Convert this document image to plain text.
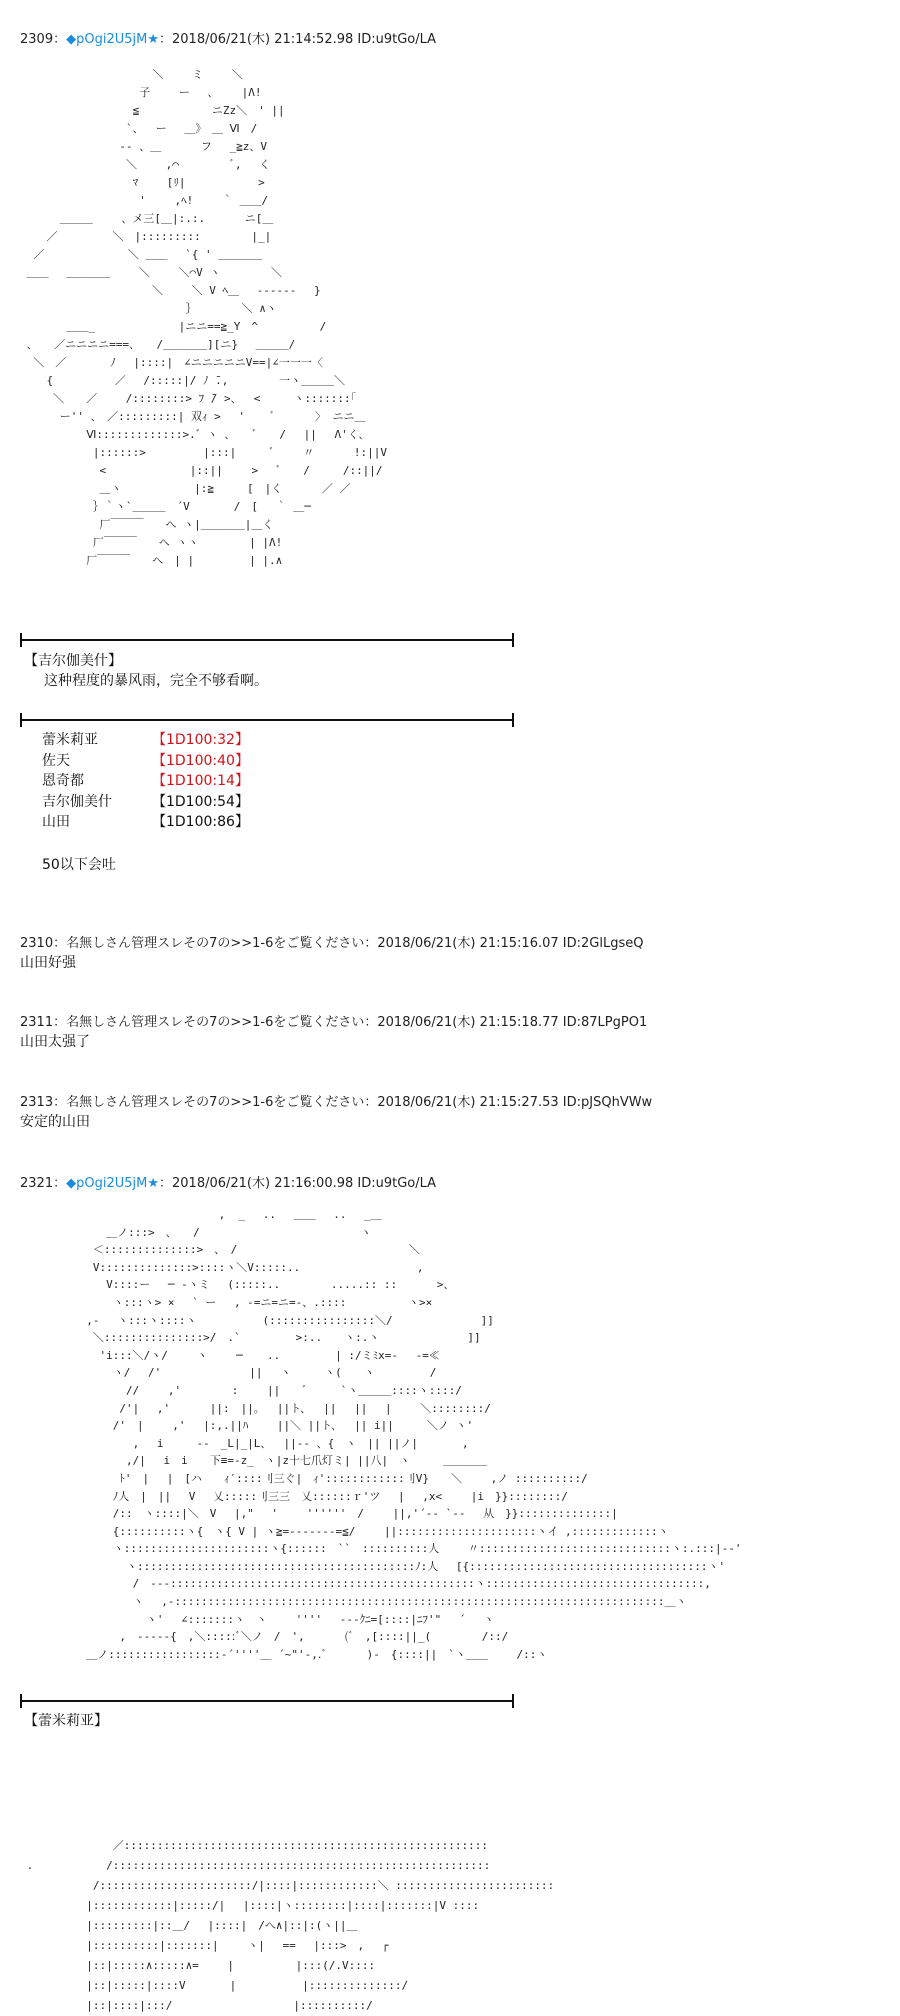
2309：◆pOgi2U5jM★：2018/06/21(木) 21:14:52.98 ID:u9tGo/LA
＼　　 ミ　　 ＼
子　　 ー　 、　　 |Λ!
≦　　　　　　 ニZz＼　' ||
`、　 ー　 ＿》　＿ Ⅵ　/
-- 、＿　　　 フ　 _≧z、V
＼　　 ,⌒　　　　 ﾞ,　 く
ﾏ　　 [ﾘ|　　　　　　 >
'　　 ,ﾍ!　　 ｀ ＿＿/
＿＿＿　　 、メ三[＿|:.:.　　　 ニ[＿
／　　　　　＼　|:::::::::　　　　 |_|
／　　　　　　　 ＼ ＿＿　 `{ ' ＿＿＿＿
＿＿　 ＿＿＿＿　　 ＼　　 ＼⌒V ヽ　　　　 ＼
　　　　　　　　　　　　＼　　 ＼ V ﾍ＿ 　------　 }
｝　　　　 ＼ ∧ヽ
＿＿_　　　　　　　 |ニニ==≧_Y　^　　　　　 /
、　　／ニニニニ===、　　/＿＿＿＿][ニ}　 ＿＿＿/
＼　／　　　　ﾉ　 |::::|　∠ニニニニニV==|∠一一一〈
{　　　　　 ／　 /:::::|/ ﾉ ̄.,　　　　 一ヽ＿＿＿＼
＼　　／　　 /::::::::> ﾌ ̄/ >、　 <　　　ヽ:::::::｢
ー'' 、　／:::::::::| 双ｨ >　 '　　 ﾞ　　　 〉 ニニ＿
Ⅵ:::::::::::::>.゛ヽ 、　　ﾞ　　/　 ||　 Λ'く、
|::::::> 　 　　　|:::|　　　ﾞ　　 〃　　　 !:||V
<　　　　　　　 |::||　　 >　 ﾞ　　/　　　/::||/
＿ヽ　　　　　　 |:≧　　　[　|く　　　 ／ ／
｝｀ヽ`＿＿＿　´V　　　　/　[　 ｀ ＿─
厂￣￣￣　　へ ヽ|＿＿＿＿|＿く
厂￣￣￣　　へ ヽヽ　　　　 | |Λ!
厂￣￣￣　　へ　| |　　　　　| |.∧
【吉尔伽美什】
这种程度的暴风雨，完全不够看啊。
蕾米莉亚	【1D100:32】
佐天	【1D100:40】
恩奇都	【1D100:14】
吉尔伽美什	【1D100:54】
山田	【1D100:86】
50以下会吐
2310：名無しさん管理スレその7の>>1-6をご覧ください：2018/06/21(木) 21:15:16.07 ID:2GlLgseQ
山田好强
2311：名無しさん管理スレその7の>>1-6をご覧ください：2018/06/21(木) 21:15:18.77 ID:87LPgPO1
山田太强了
2313：名無しさん管理スレその7の>>1-6をご覧ください：2018/06/21(木) 21:15:27.53 ID:pJSQhVWw
安定的山田
2321：◆pOgi2U5jM★：2018/06/21(木) 21:16:00.98 ID:u9tGo/LA
,  _　 ..　 ＿＿　 ..　 _＿
＿ノ:::>　、　　/　　　　　　　　　　　　　　 ヽ
＜::::::::::::::>　、　/　　　　　　　　　　　　　　　 ＼
V::::::::::::::>::::ヽ＼V:::::..　　　　　　　　　　 ,
V::::ー　 ─ -ヽミ　 (:::::..　　　　 .....:: ::　　　 >、
ヽ:::ヽ> ×　 ` ー　 , -=ニ=ニ=-、.::::　　　　　 ヽ>×
,-　 ヽ:::ヽ::::ヽ　　　　　　(::::::::::::::::＼/　　　　　　　　]]
＼:::::::::::::::>/　.`　　　　　>:..　　ヽ:.ヽ　　　　　　　　]]
'i:::＼/ヽ/　　 ヽ　　 ─ 　 ..　　　　　| :/ミﾐx=-　 -=≪
ヽ/　 /'　　　　　　　　||　 ヽ　　　ヽ(　　ヽ　　　　　/
//　　 ,'　　　　 :　　 ||　　ﾞ　　　`ヽ＿＿＿::::ヽ::::/
/'|　 ,'　　　 ||:　||。　 ||ト、　 ||　 ||　 |　　 ＼::::::::/
/'　|　　 ,'　 |:,.||ﾊ　　 ||＼ ||ト、　 || i||　　　＼ノ ヽ'
,　 i　　　--　_L|_|L、　 ||-- 、{　ヽ　|| ||ノ|　　　　,
,/|　 i　i　　下≡=-z_　ヽ|z十七爪灯ミ| ||八|　ヽ　　　＿＿＿＿
ﾄ'　|　 |　[ハ　　ｨ′::::刂三ぐ|　ｨ'::::::::::::刂V}　　＼　　 ,ノ ::::::::::/
ﾉ人　|　|| 　V　 乂:::::刂三三　乂::::::ｒ'ツ　 |　 ,x<　　 |i　}}::::::::/
/::　ヽ::::|＼　V　 |,"　 '　　 ''''''　/　　 ||,'´-- `--　 从　}}::::::::::::::|
{::::::::::ヽ{　ヽ{ V | ヽ≧=-------=≦/　　 ||:::::::::::::::::::::ヽイ ,:::::::::::::ヽ
ヽ::::::::::::::::::::::ヽ{::::::　``　::::::::::人　　 〃:::::::::::::::::::::::::::::ヽ:.:::|--'
ヽ::::::::::::::::::::::::::::::::::::::::::ﾉ:人　 [{::::::::::::::::::::::::::::::::::::ヽ'
/　---::::::::::::::::::::::::::::::::::::::::::::::ヽ:::::::::::::::::::::::::::::::::,
ヽ　 ,-::::::::::::::::::::::::::::::::::::::::::::::::::::::::::::::::::::::::::＿ヽ
ヽ'　 ∠:::::::ヽ　ヽ　　 ''''　 ---ｸﾆ=[::::|ﾆﾌ'"　 ´　 ヽ
,　-----{　,＼:::::ﾞ＼ノ　/　',　　　 (ﾞ　,[::::||_(　　　　 /::/
＿ノ:::::::::::::::::-´''''＿ ´~"'-,.ﾞ　　　 )-　{::::||　`ヽ＿＿　　 /::ヽ
【蕾米莉亚】
／:::::::::::::::::::::::::::::::::::::::::::::::::::::::
.           /:::::::::::::::::::::::::::::::::::::::::::::::::::::::::
/:::::::::::::::::::::::/|::::|::::::::::::＼ ::::::::::::::::::::::::
|::::::::::::|:::::/|　 |::::|ヽ::::::::|::::|:::::::|V ::::
|:::::::::|::＿/　 |::::|　/へ∧|::|:(ヽ||＿
|::::::::::|:::::::|　　 ヽ|　 ==　 |:::>　,　 ┌
|::|:::::∧:::::∧=　　 |　　　　　 |:::(/.V::::
|::|:::::|::::V　　　　|　　　　　　|::::::::::::::/
|::|::::|:::/　　　　　　　　　　　|::::::::::/
